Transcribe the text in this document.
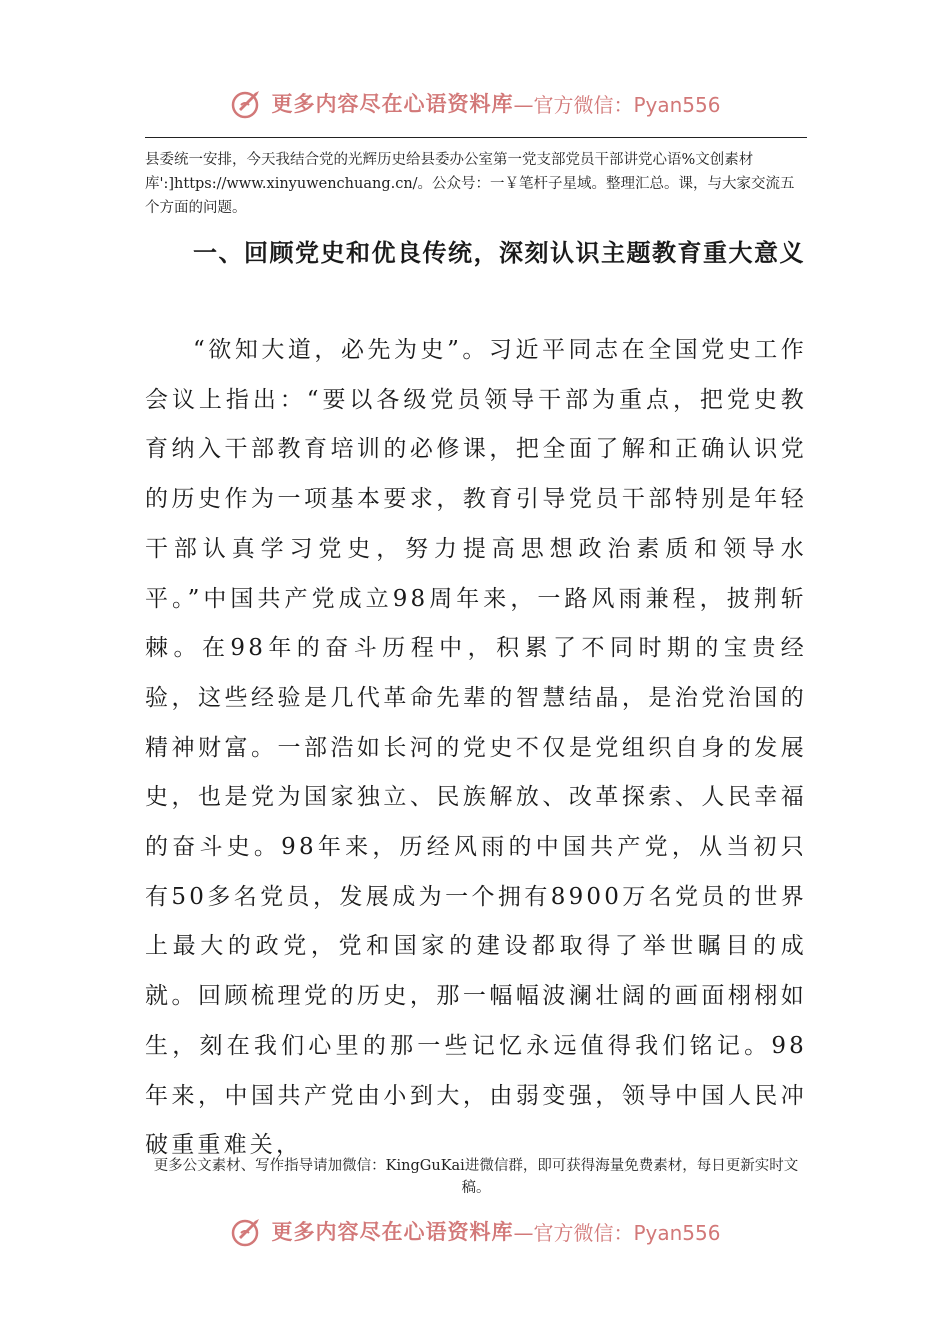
更多内容尽在心语资料库 —官方微信：Pyan556
县委统一安排，今天我结合党的光辉历史给县委办公室第一党支部党员干部讲党心语%文创素材库':]https://www.xinyuwenchuang.cn/。公众号：一￥笔杆子星域。整理汇总。课，与大家交流五个方面的问题。
一、回顾党史和优良传统，深刻认识主题教育重大意义
“欲知大道，必先为史”。习近平同志在全国党史工作会议上指出：“要以各级党员领导干部为重点，把党史教育纳入干部教育培训的必修课，把全面了解和正确认识党的历史作为一项基本要求，教育引导党员干部特别是年轻干部认真学习党史，努力提高思想政治素质和领导水平。”中国共产党成立98周年来，一路风雨兼程，披荆斩棘。在98年的奋斗历程中，积累了不同时期的宝贵经验，这些经验是几代革命先辈的智慧结晶，是治党治国的精神财富。一部浩如长河的党史不仅是党组织自身的发展史，也是党为国家独立、民族解放、改革探索、人民幸福的奋斗史。98年来，历经风雨的中国共产党，从当初只有50多名党员，发展成为一个拥有8900万名党员的世界上最大的政党，党和国家的建设都取得了举世瞩目的成就。回顾梳理党的历史，那一幅幅波澜壮阔的画面栩栩如生，刻在我们心里的那一些记忆永远值得我们铭记。98年来，中国共产党由小到大，由弱变强，领导中国人民冲破重重难关，
更多公文素材、写作指导请加微信：KingGuKai进微信群，即可获得海量免费素材，每日更新实时文稿。
更多内容尽在心语资料库 —官方微信：Pyan556
